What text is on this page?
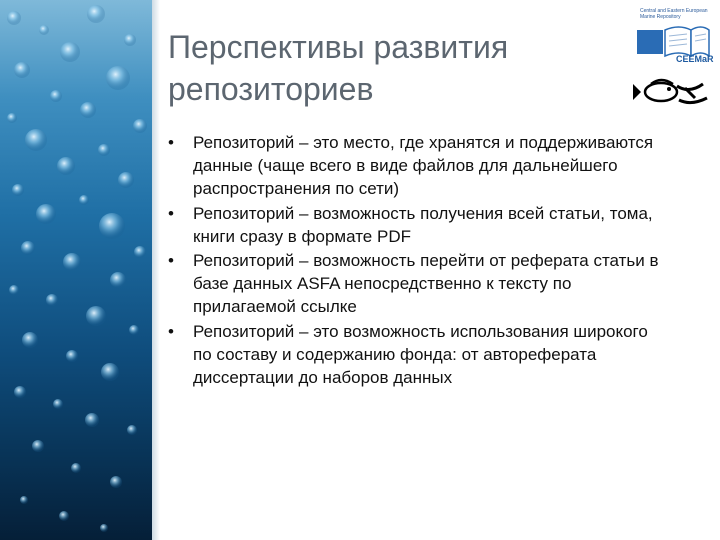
Перспективы развития репозиториев
• Репозиторий – это место, где хранятся и поддерживаются данные (чаще всего в виде файлов для дальнейшего распространения по сети)
• Репозиторий – возможность получения всей статьи, тома, книги сразу в формате PDF
• Репозиторий – возможность перейти от реферата статьи в базе данных ASFA непосредственно к тексту по прилагаемой ссылке
• Репозиторий – это возможность использования широкого по составу и содержанию фонда: от автореферата диссертации до наборов данных
Central and Eastern European Marine Repository
CEEMaR
